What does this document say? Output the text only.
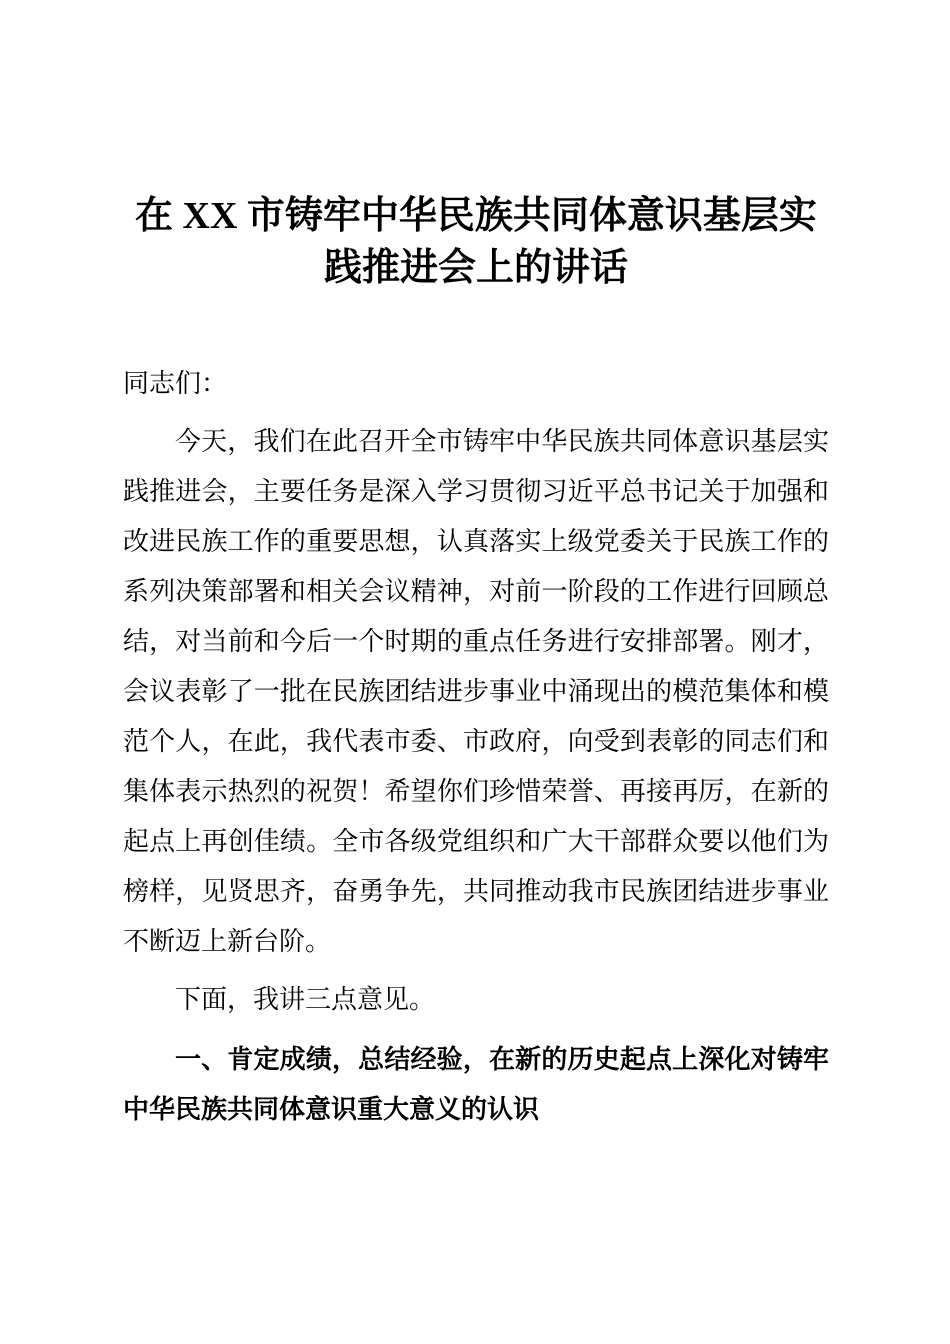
在 XX 市铸牢中华民族共同体意识基层实践推进会上的讲话

同志们：

今天，我们在此召开全市铸牢中华民族共同体意识基层实践推进会，主要任务是深入学习贯彻习近平总书记关于加强和改进民族工作的重要思想，认真落实上级党委关于民族工作的系列决策部署和相关会议精神，对前一阶段的工作进行回顾总结，对当前和今后一个时期的重点任务进行安排部署。刚才，会议表彰了一批在民族团结进步事业中涌现出的模范集体和模范个人，在此，我代表市委、市政府，向受到表彰的同志们和集体表示热烈的祝贺！希望你们珍惜荣誉、再接再厉，在新的起点上再创佳绩。全市各级党组织和广大干部群众要以他们为榜样，见贤思齐，奋勇争先，共同推动我市民族团结进步事业不断迈上新台阶。

下面，我讲三点意见。

一、肯定成绩，总结经验，在新的历史起点上深化对铸牢中华民族共同体意识重大意义的认识
